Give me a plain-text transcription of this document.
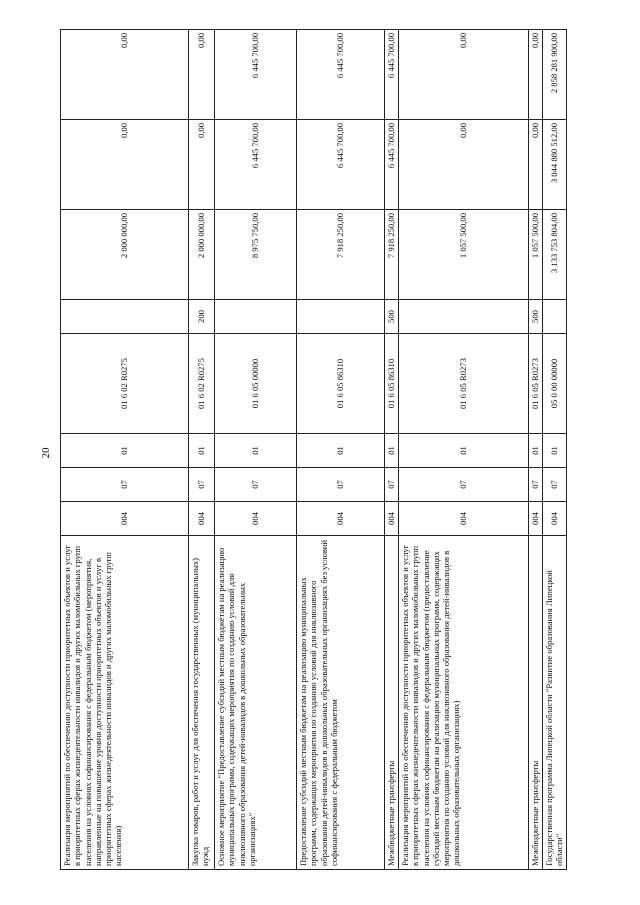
20
Реализация мероприятий по обеспечению доступности приоритетных объектов и услуг в приоритетных сферах жизнедеятельности инвалидов и других маломобильных групп населения на условиях софинансирования с федеральным бюджетом (мероприятия, направленные на повышение уровня доступности приоритетных объектов и услуг в приоритетных сферах жизнедеятельности инвалидов и других маломобильных групп населения)	004	07	01	01 6 02 R0275		2 000 000,00	0,00	0,00
Закупка товаров, работ и услуг для обеспечения государственных (муниципальных) нужд	004	07	01	01 6 02 R0275	200	2 000 000,00	0,00	0,00
Основное мероприятие "Предоставление субсидий местным бюджетам на реализацию муниципальных программ, содержащих мероприятия по созданию условий для инклюзивного образования детей-инвалидов в дошкольных образовательных организациях"	004	07	01	01 6 05 00000		8 975 750,00	6 445 700,00	6 445 700,00
Предоставление субсидий местным бюджетам на реализацию муниципальных программ, содержащих мероприятия по созданию условий для инклюзивного образования детей-инвалидов в дошкольных образовательных организациях без условий софинансирования с федеральным бюджетом	004	07	01	01 6 05 86310		7 918 250,00	6 445 700,00	6 445 700,00
Межбюджетные трансферты	004	07	01	01 6 05 86310	500	7 918 250,00	6 445 700,00	6 445 700,00
Реализация мероприятий по обеспечению доступности приоритетных объектов и услуг в приоритетных сферах жизнедеятельности инвалидов и других маломобильных групп населения на условиях софинансирования с федеральным бюджетом (предоставление субсидий местным бюджетам на реализацию муниципальных программ, содержащих мероприятия по созданию условий для инклюзивного образования детей-инвалидов в дошкольных образовательных организациях)	004	07	01	01 6 05 R0273		1 057 500,00	0,00	0,00
Межбюджетные трансферты	004	07	01	01 6 05 R0273	500	1 057 500,00	0,00	0,00
Государственная программа Липецкой области "Развитие образования Липецкой области"	004	07	01	05 0 00 00000		3 133 753 804,00	3 044 880 512,00	2 858 281 900,00
